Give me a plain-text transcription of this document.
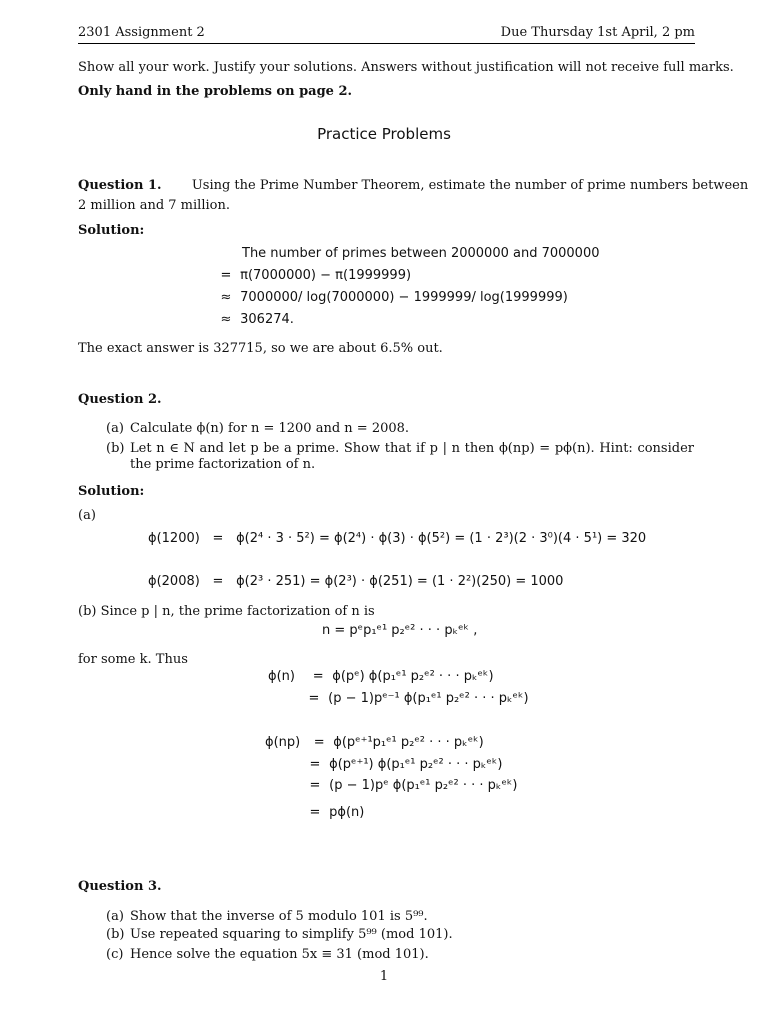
2301 Assignment 2	Due Thursday 1st April, 2 pm
Show all your work. Justify your solutions. Answers without justification will not receive full marks.
Only hand in the problems on page 2.
Practice Problems
Question 1. Using the Prime Number Theorem, estimate the number of prime numbers between
2 million and 7 million.
Solution:
The number of primes between 2000000 and 7000000
= π(7000000) − π(1999999)
≈ 7000000/ log(7000000) − 1999999/ log(1999999)
≈ 306274.
The exact answer is 327715, so we are about 6.5% out.
Question 2.
(a) Calculate ϕ(n) for n = 1200 and n = 2008.
(b) Let n ∈ N and let p be a prime. Show that if p | n then ϕ(np) = pϕ(n). Hint: consider the prime factorization of n.
Solution:
(a)
ϕ(1200) = ϕ(2⁴ · 3 · 5²) = ϕ(2⁴) · ϕ(3) · ϕ(5²) = (1 · 2³)(2 · 3⁰)(4 · 5¹) = 320
ϕ(2008) = ϕ(2³ · 251) = ϕ(2³) · ϕ(251) = (1 · 2²)(250) = 1000
(b) Since p | n, the prime factorization of n is
n = pᵉp₁ᵉ¹ p₂ᵉ² · · · pₖᵉᵏ ,
for some k. Thus
ϕ(n) = ϕ(pᵉ) ϕ(p₁ᵉ¹ p₂ᵉ² · · · pₖᵉᵏ)
= (p − 1)pᵉ⁻¹ ϕ(p₁ᵉ¹ p₂ᵉ² · · · pₖᵉᵏ)
ϕ(np) = ϕ(pᵉ⁺¹p₁ᵉ¹ p₂ᵉ² · · · pₖᵉᵏ)
= ϕ(pᵉ⁺¹) ϕ(p₁ᵉ¹ p₂ᵉ² · · · pₖᵉᵏ)
= (p − 1)pᵉ ϕ(p₁ᵉ¹ p₂ᵉ² · · · pₖᵉᵏ)
= pϕ(n)
Question 3.
(a) Show that the inverse of 5 modulo 101 is 5⁹⁹.
(b) Use repeated squaring to simplify 5⁹⁹ (mod 101).
(c) Hence solve the equation 5x ≡ 31 (mod 101).
1
